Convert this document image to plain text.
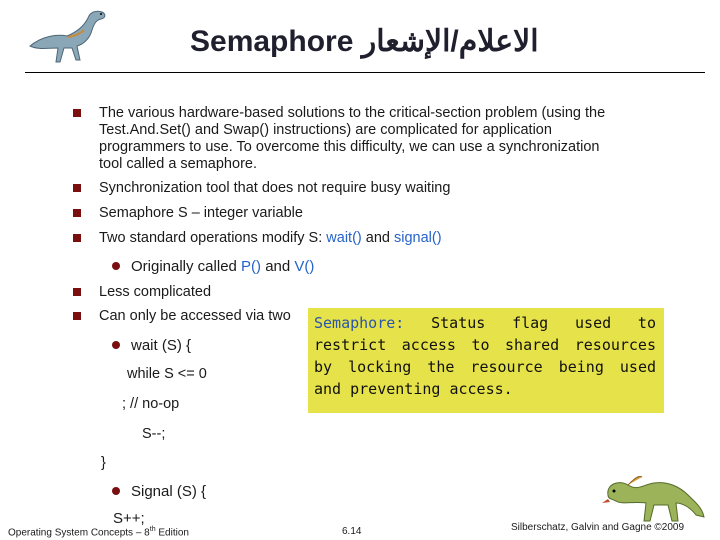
Semaphore الاعلام/الإشعار
The various hardware-based solutions to the critical-section problem (using the
Test.And.Set() and Swap() instructions) are complicated for application
programmers to use. To overcome this difficulty, we can use a synchronization
tool called a semaphore.
Synchronization tool that does not require busy waiting
Semaphore S – integer variable
Two standard operations modify S: wait() and signal()
Originally called P() and V()
Less complicated
Can only be accessed via two
wait (S) {
while S <= 0
; // no-op
S--;
}
Signal (S) {
S++;
Semaphore: Status flag used to restrict access to shared resources by locking the resource being used and preventing access.
Operating System Concepts – 8th Edition	6.14	Silberschatz, Galvin and Gagne ©2009
